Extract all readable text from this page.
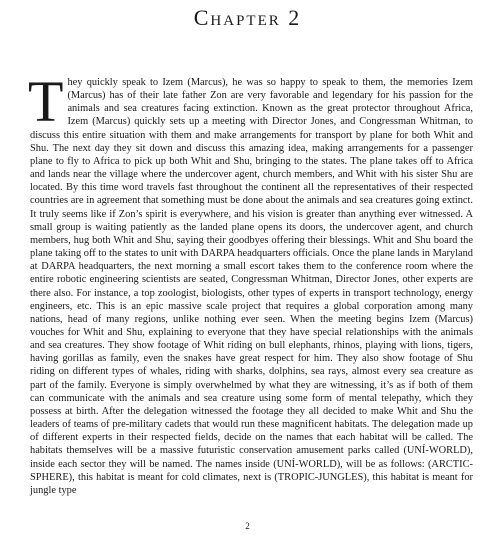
Chapter 2

They quickly speak to Izem (Marcus), he was so happy to speak to them, the memories Izem (Marcus) has of their late father Zon are very favorable and legendary for his passion for the animals and sea creatures facing extinction. Known as the great protector throughout Africa, Izem (Marcus) quickly sets up a meeting with Director Jones, and Congressman Whitman, to discuss this entire situation with them and make arrangements for transport by plane for both Whit and Shu. The next day they sit down and discuss this amazing idea, making arrangements for a passenger plane to fly to Africa to pick up both Whit and Shu, bringing to the states. The plane takes off to Africa and lands near the village where the undercover agent, church members, and Whit with his sister Shu are located. By this time word travels fast throughout the continent all the representatives of their respected countries are in agreement that something must be done about the animals and sea creatures going extinct. It truly seems like if Zon’s spirit is everywhere, and his vision is greater than anything ever witnessed. A small group is waiting patiently as the landed plane opens its doors, the undercover agent, and church members, hug both Whit and Shu, saying their goodbyes offering their blessings. Whit and Shu board the plane taking off to the states to unit with DARPA headquarters officials. Once the plane lands in Maryland at DARPA headquarters, the next morning a small escort takes them to the conference room where the entire robotic engineering scientists are seated, Congressman Whitman, Director Jones, other experts are there also. For instance, a top zoologist, biologists, other types of experts in transport technology, energy engineers, etc. This is an epic massive scale project that requires a global corporation among many nations, head of many regions, unlike nothing ever seen. When the meeting begins Izem (Marcus) vouches for Whit and Shu, explaining to everyone that they have special relationships with the animals and sea creatures. They show footage of Whit riding on bull elephants, rhinos, playing with lions, tigers, having gorillas as family, even the snakes have great respect for him. They also show footage of Shu riding on different types of whales, riding with sharks, dolphins, sea rays, almost every sea creature as part of the family. Everyone is simply overwhelmed by what they are witnessing, it’s as if both of them can communicate with the animals and sea creature using some form of mental telepathy, which they possess at birth. After the delegation witnessed the footage they all decided to make Whit and Shu the leaders of teams of pre-military cadets that would run these magnificent habitats. The delegation made up of different experts in their respected fields, decide on the names that each habitat will be called. The habitats themselves will be a massive futuristic conservation amusement parks called (UNÍ-WORLD), inside each sector they will be named. The names inside (UNÍ-WORLD), will be as follows: (ARCTIC-SPHERE), this habitat is meant for cold climates, next is (TROPIC-JUNGLES), this habitat is meant for jungle type

2
